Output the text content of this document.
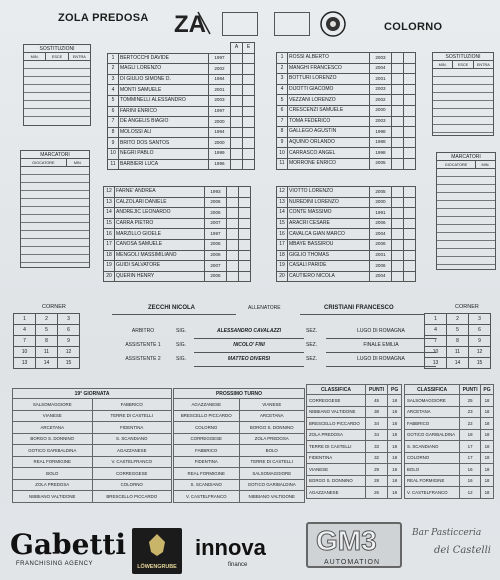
ZOLA PREDOSA ZA	COLORNO
SOSTITUZIONI
MIN.	ESCE	ENTRA
MARCATORI
GIOCATORE	MIN.
SOSTITUZIONI
MIN.	ESCE	ENTRA
MARCATORI
GIOCATORE	MIN.
			A	E
1	BERTOCCHI DAVIDE	1997		
2	MAGLI LORENZO	2002		
3	DI GIULIO SIMONE D.	1984		
4	MONTI SAMUELE	2001		
5	TOMMINELLI ALESSANDRO	2003		
6	FARINI ENRICO	1997		
7	DE ANGELIS BIAGIO	2000		
8	MOLOSSI ALI	1994		
9	BRITO DOS SANTOS	2000		
10	NEGRI PABLO	1999		
11	BARBIERI LUCA	1996		
12	FARNE' ANDREA	1993		
13	CALZOLARI DANIELE	2006		
14	ANDREJIC LEONARDO	2006		
15	CARRA PIETRO	2007		
16	MARZILLO GIOELE	1997		
17	CANOSA SAMUELE	2006		
18	MENGOLI MASSIMILIANO	2006		
19	GUIDI SALVATORE	2007		
20	QUERIN HENRY	2006		
1	ROSSI ALBERTO	2003		
2	MANGHI FRANCESCO	2004		
3	BOTTURI LORENZO	2001		
4	DIJOTTI GIACOMO	2003		
5	VEZZANI LORENZO	2002		
6	CRESCENZI SAMUELE	2000		
7	TOMA FEDERICO	2003		
8	GALLEGO AGUSTIN	1998		
9	AQUINO ORLANDO	1988		
10	CARRASCO ANGEL	1998		
11	MORRONE ENRICO	2005		
12	VIOTTO LORENZO	2005		
13	NUREDINI LORENZO	2000		
14	CONTE MASSIMO	1991		
15	ARACRI CESARE	2006		
16	CAVALCA GIAN MARCO	2004		
17	MBAYE BASSIROU	2006		
18	GIGLIO THOMAS	2001		
19	CASALI PARIDE	2006		
20	CAUTIERO NICOLA	2004		
ZECCHI NICOLA	ALLENATORE	CRISTIANI FRANCESCO
CORNER
1	2	3
4	5	6
7	8	9
10	11	12
13	14	15
CORNER
1	2	3
4	5	6
7	8	9
10	11	12
13	14	15
ARBITRO	SIG.	ALESSANDRO CAVALAZZI	SEZ.	LUGO DI ROMAGNA
ASSISTENTE 1	SIG.	NICOLO' FINI	SEZ.	FINALE EMILIA
ASSISTENTE 2	SIG.	MATTEO DIVERSI	SEZ.	LUGO DI ROMAGNA
19° GIORNATA	
SALSOMAGGIORE	FABBRICO
VIANESE	TERRE DI CASTELLI
ARCETANA	FIDENTINA
BORGO S. DONNINO	S. SCANDIANO
GOTICO GARIBALDINA	AGAZZANESE
REAL FORMIGINE	V. CASTELFRANCO
BOLO	CORREGGESE
ZOLA PREDOSA	COLORNO
NIBBIANO VALTIDONE	BRESCELLO PICCARDO
PROSSIMO TURNO	
AGAZZANESE	VIANESE
BRESCELLO PICCARDO	ARCETANA
COLORNO	BORGO S. DONNINO
CORREGGESE	ZOLA PREDOSA
FABBRICO	BOLO
FIDENTINA	TERRE DI CASTELLI
REAL FORMIGINE	SALSOMAGGIORE
S. SCANDIANO	GOTICO GARIBALDINA
V. CASTELFRANCO	NIBBIANO VALTIDONE
CLASSIFICA	PUNTI	PG
CORREGGESE	45	18
NIBBIANO VALTIDONE	38	18
BRESCELLO PICCARDO	34	18
ZOLA PREDOSA	34	18
TERRE DI CASTELLI	33	18
FIDENTINA	32	18
VIANESE	29	18
BORGO S. DONNINO	28	18
AGAZZANESE	26	18
CLASSIFICA	PUNTI	PG
SALSOMAGGIORE	25	18
ARCETANA	23	18
FABBRICO	22	18
GOTICO GARIBALDINA	18	18
S. SCANDIANO	17	18
COLORNO	17	18
BOLO	16	18
REAL FORMIGINE	16	18
V. CASTELFRANCO	12	18
Gabetti
FRANCHISING AGENCY	LÖWENGRUBE
innova
finance
GM3
AUTOMATION
Bar Pasticceria
dei Castelli
